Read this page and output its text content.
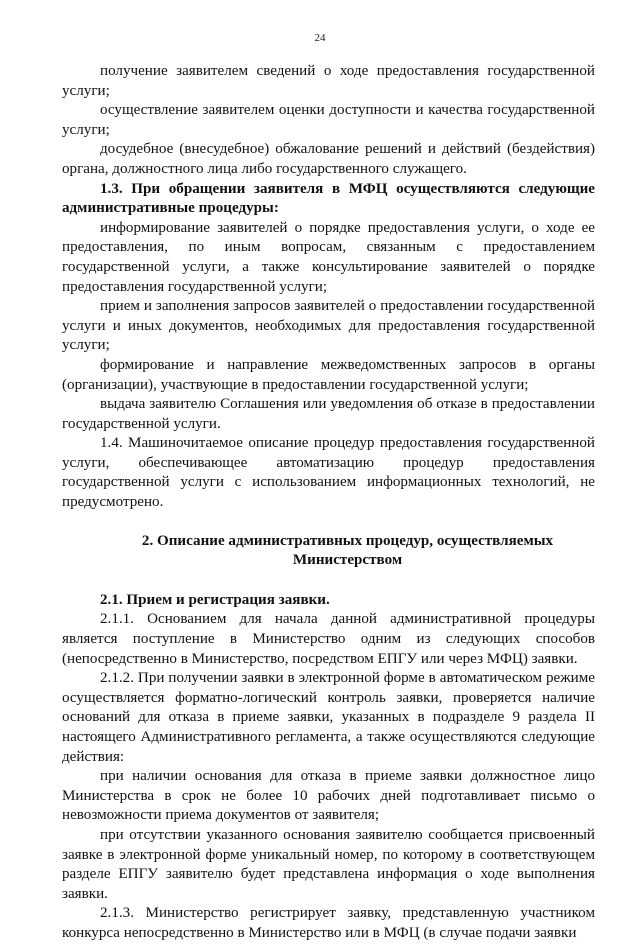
24

получение заявителем сведений о ходе предоставления государственной услуги;

осуществление заявителем оценки доступности и качества государственной услуги;

досудебное (внесудебное) обжалование решений и действий (бездействия) органа, должностного лица либо государственного служащего.

1.3. При обращении заявителя в МФЦ осуществляются следующие административные процедуры:

информирование заявителей о порядке предоставления услуги, о ходе ее предоставления, по иным вопросам, связанным с предоставлением государственной услуги, а также консультирование заявителей о порядке предоставления государственной услуги;

прием и заполнения запросов заявителей о предоставлении государственной услуги и иных документов, необходимых для предоставления государственной услуги;

формирование и направление межведомственных запросов в органы (организации), участвующие в предоставлении государственной услуги;

выдача заявителю Соглашения или уведомления об отказе в предоставлении государственной услуги.

1.4. Машиночитаемое описание процедур предоставления государственной услуги, обеспечивающее автоматизацию процедур предоставления государственной услуги с использованием информационных технологий, не предусмотрено.

2. Описание административных процедур, осуществляемых Министерством

2.1. Прием и регистрация заявки.

2.1.1. Основанием для начала данной административной процедуры является поступление в Министерство одним из следующих способов (непосредственно в Министерство, посредством ЕПГУ или через МФЦ) заявки.

2.1.2. При получении заявки в электронной форме в автоматическом режиме осуществляется форматно-логический контроль заявки, проверяется наличие оснований для отказа в приеме заявки, указанных в подразделе 9 раздела II настоящего Административного регламента, а также осуществляются следующие действия:

при наличии основания для отказа в приеме заявки должностное лицо Министерства в срок не более 10 рабочих дней подготавливает письмо о невозможности приема документов от заявителя;

при отсутствии указанного основания заявителю сообщается присвоенный заявке в электронной форме уникальный номер, по которому в соответствующем разделе ЕПГУ заявителю будет представлена информация о ходе выполнения заявки.

2.1.3. Министерство регистрирует заявку, представленную участником конкурса непосредственно в Министерство или в МФЦ (в случае подачи заявки
